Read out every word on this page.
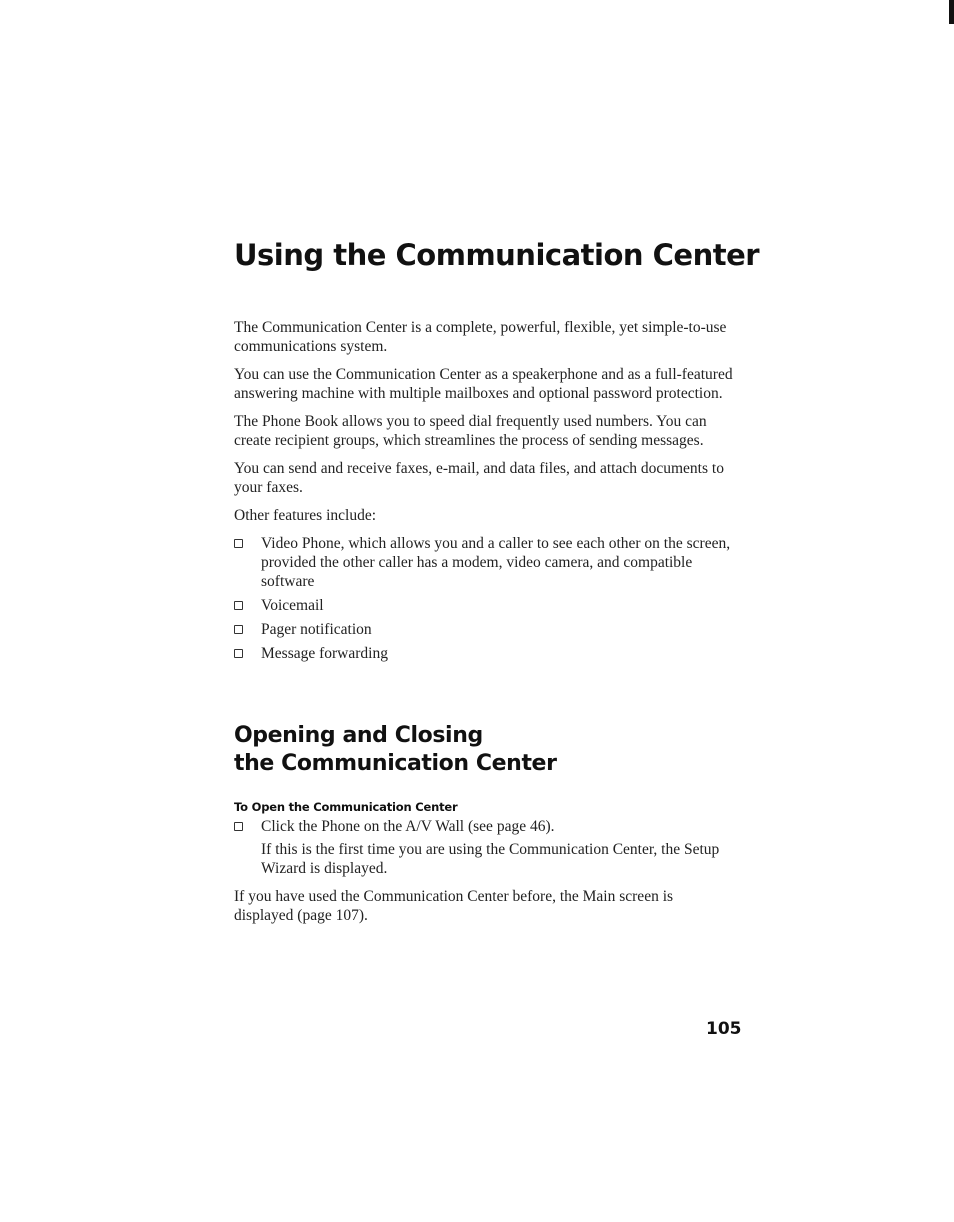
Using the Communication Center

The Communication Center is a complete, powerful, flexible, yet simple-to-use communications system.

You can use the Communication Center as a speakerphone and as a full-featured answering machine with multiple mailboxes and optional password protection.

The Phone Book allows you to speed dial frequently used numbers. You can create recipient groups, which streamlines the process of sending messages.

You can send and receive faxes, e-mail, and data files, and attach documents to your faxes.

Other features include:

Video Phone, which allows you and a caller to see each other on the screen, provided the other caller has a modem, video camera, and compatible software
Voicemail
Pager notification
Message forwarding
Opening and Closing
the Communication Center
To Open the Communication Center
Click the Phone on the A/V Wall (see page 46).

If this is the first time you are using the Communication Center, the Setup Wizard is displayed.

If you have used the Communication Center before, the Main screen is displayed (page 107).

105
